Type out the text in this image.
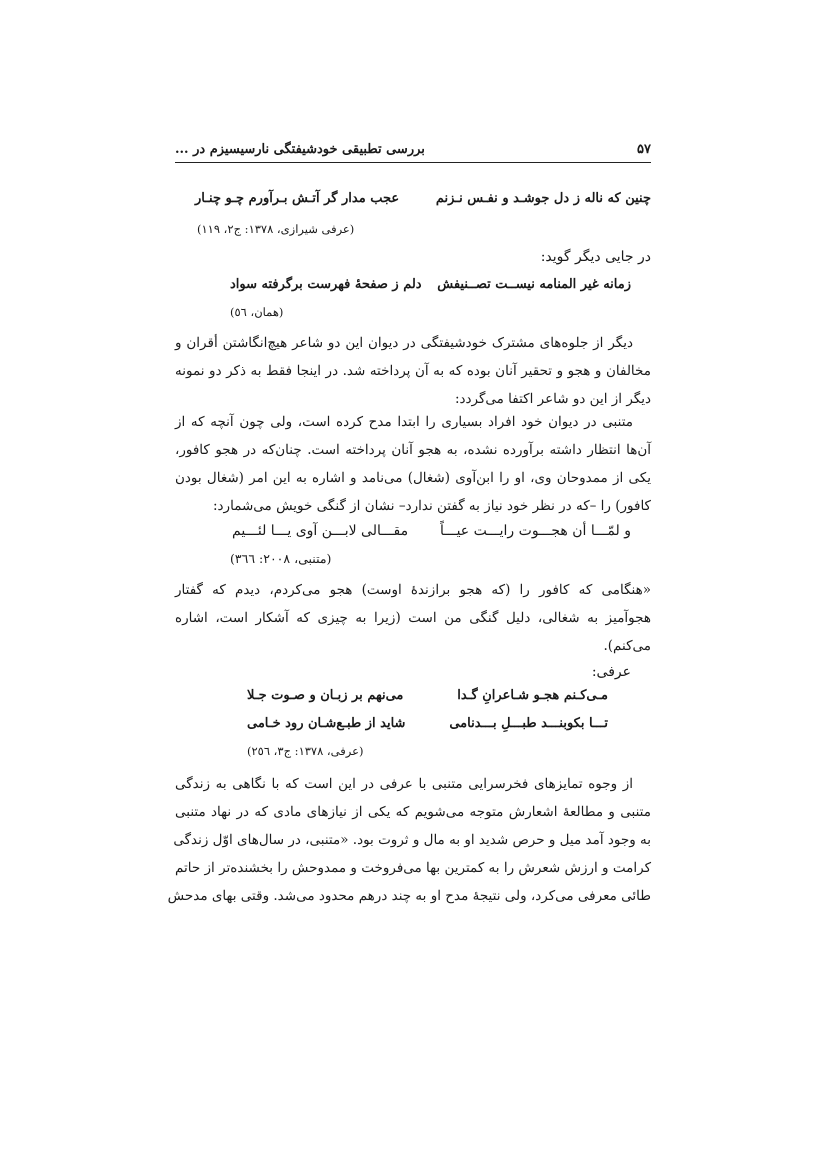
۵۷
بررسی تطبیقی خودشیفتگی نارسیسیزم در ...
چنین که ناله ز دل جوشـد و نفـس نـزنم
عجب مدار گر آتـش بـرآورم چـو چنـار
(عرفی شیرازی، ۱۳۷۸: ج۲، ۱۱۹)
در جایی دیگر گوید:
زمانه غیر المنامه نیســت تصــنیفش
دلم ز صفحهٔ فهرست برگرفته سواد
(همان، ٥٦)
دیگر از جلوه‌های مشترک خودشیفتگی در دیوان این دو شاعر هیچ‌انگاشتن أقران و
مخالفان و هجو و تحقیر آنان بوده که به آن پرداخته شد. در اینجا فقط به ذکر دو نمونه
دیگر از این دو شاعر اکتفا می‌گردد:
متنبی در دیوان خود افراد بسیاری را ابتدا مدح کرده است، ولی چون آنچه که از
آن‌ها انتظار داشته برآورده نشده، به هجو آنان پرداخته است. چنان‌که در هجو کافور،
یکی از ممدوحان وی، او را ابن‌آوی (شغال) می‌نامد و اشاره به این امر (شغال بودن
کافور) را –که در نظر خود نیاز به گفتن ندارد– نشان از گنگی خویش می‌شمارد:
و لمّـــا أن هجـــوت رایـــت عیـــاً
مقـــالی لابـــن آوی یـــا لئـــیم
(متنبی، ۲۰۰۸: ۳٦٦)
«هنگامی که کافور را (که هجو برازندهٔ اوست) هجو می‌کردم، دیدم که گفتار
هجوآمیز به شغالی، دلیل گنگی من است (زیرا به چیزی که آشکار است، اشاره
می‌کنم).
عرفی:
مـی‌کـنم هجـو شـاعرانِ گـدا
می‌نهم بر زبـان و صـوت جـلا
تـــا بکوبنـــد طبـــلِ بـــدنامی
شاید از طبـع‌شـان رود خـامی
(عرفی، ۱۳۷۸: ج۳، ۲٥٦)
از وجوه تمایزهای فخرسرایی متنبی با عرفی در این است که با نگاهی به زندگی
متنبی و مطالعهٔ اشعارش متوجه می‌شویم که یکی از نیازهای مادی که در نهاد متنبی
به وجود آمد میل و حرص شدید او به مال و ثروت بود. «متنبی، در سال‌های اوّل زندگی
کرامت و ارزش شعرش را به کمترین بها می‌فروخت و ممدوحش را بخشنده‌تر از حاتم
طائی معرفی می‌کرد، ولی نتیجهٔ مدح او به چند درهم محدود می‌شد. وقتی بهای مدحش
